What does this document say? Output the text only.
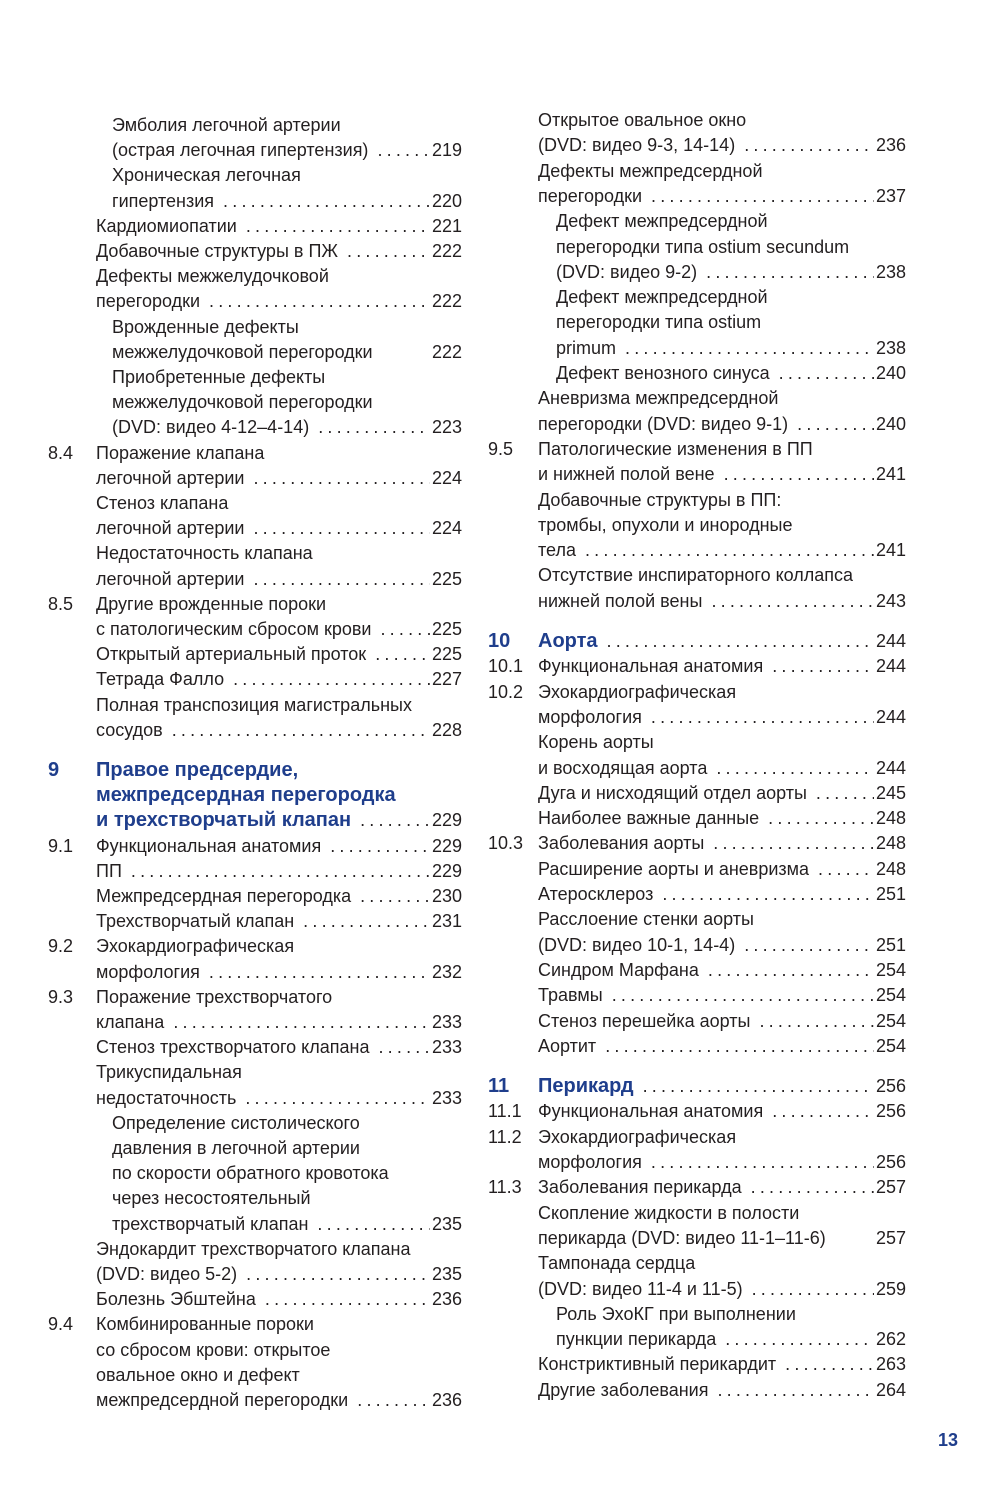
Эмболия легочной артерии
(острая легочная гипертензия) .....	219
Хроническая легочная
гипертензия .....	220
Кардиомиопатии .....	221
Добавочные структуры в ПЖ .....	222
Дефекты межжелудочковой
перегородки .....	222
Врожденные дефекты
межжелудочковой перегородки	222
Приобретенные дефекты
межжелудочковой перегородки
(DVD: видео 4-12–4-14) .....	223
8.4 Поражение клапана
легочной артерии .....	224
Стеноз клапана
легочной артерии .....	224
Недостаточность клапана
легочной артерии .....	225
8.5 Другие врожденные пороки
с патологическим сбросом крови .....	225
Открытый артериальный проток .....	225
Тетрада Фалло .....	227
Полная транспозиция магистральных
сосудов .....	228
9 Правое предсердие,
межпредсердная перегородка
и трехстворчатый клапан .....	229
9.1 Функциональная анатомия .....	229
ПП .....	229
Межпредсердная перегородка .....	230
Трехстворчатый клапан .....	231
9.2 Эхокардиографическая
морфология .....	232
9.3 Поражение трехстворчатого
клапана .....	233
Стеноз трехстворчатого клапана .....	233
Трикуспидальная
недостаточность .....	233
Определение систолического
давления в легочной артерии
по скорости обратного кровотока
через несостоятельный
трехстворчатый клапан .....	235
Эндокардит трехстворчатого клапана
(DVD: видео 5-2) .....	235
Болезнь Эбштейна .....	236
9.4 Комбинированные пороки
со сбросом крови: открытое
овальное окно и дефект
межпредсердной перегородки .....	236
Открытое овальное окно
(DVD: видео 9-3, 14-14) .....	236
Дефекты межпредсердной
перегородки .....	237
Дефект межпредсердной
перегородки типа ostium secundum
(DVD: видео 9-2) .....	238
Дефект межпредсердной
перегородки типа ostium
primum .....	238
Дефект венозного синуса .....	240
Аневризма межпредсердной
перегородки (DVD: видео 9-1) .....	240
9.5 Патологические изменения в ПП
и нижней полой вене .....	241
Добавочные структуры в ПП:
тромбы, опухоли и инородные
тела .....	241
Отсутствие инспираторного коллапса
нижней полой вены .....	243
10 Аорта .....	244
10.1 Функциональная анатомия .....	244
10.2 Эхокардиографическая
морфология .....	244
Корень аорты
и восходящая аорта .....	244
Дуга и нисходящий отдел аорты .....	245
Наиболее важные данные .....	248
10.3 Заболевания аорты .....	248
Расширение аорты и аневризма .....	248
Атеросклероз .....	251
Расслоение стенки аорты
(DVD: видео 10-1, 14-4) .....	251
Синдром Марфана .....	254
Травмы .....	254
Стеноз перешейка аорты .....	254
Аортит .....	254
11 Перикард .....	256
11.1 Функциональная анатомия .....	256
11.2 Эхокардиографическая
морфология .....	256
11.3 Заболевания перикарда .....	257
Скопление жидкости в полости
перикарда (DVD: видео 11-1–11-6)	257
Тампонада сердца
(DVD: видео 11-4 и 11-5) .....	259
Роль ЭхоКГ при выполнении
пункции перикарда .....	262
Констриктивный перикардит .....	263
Другие заболевания .....	264
13
